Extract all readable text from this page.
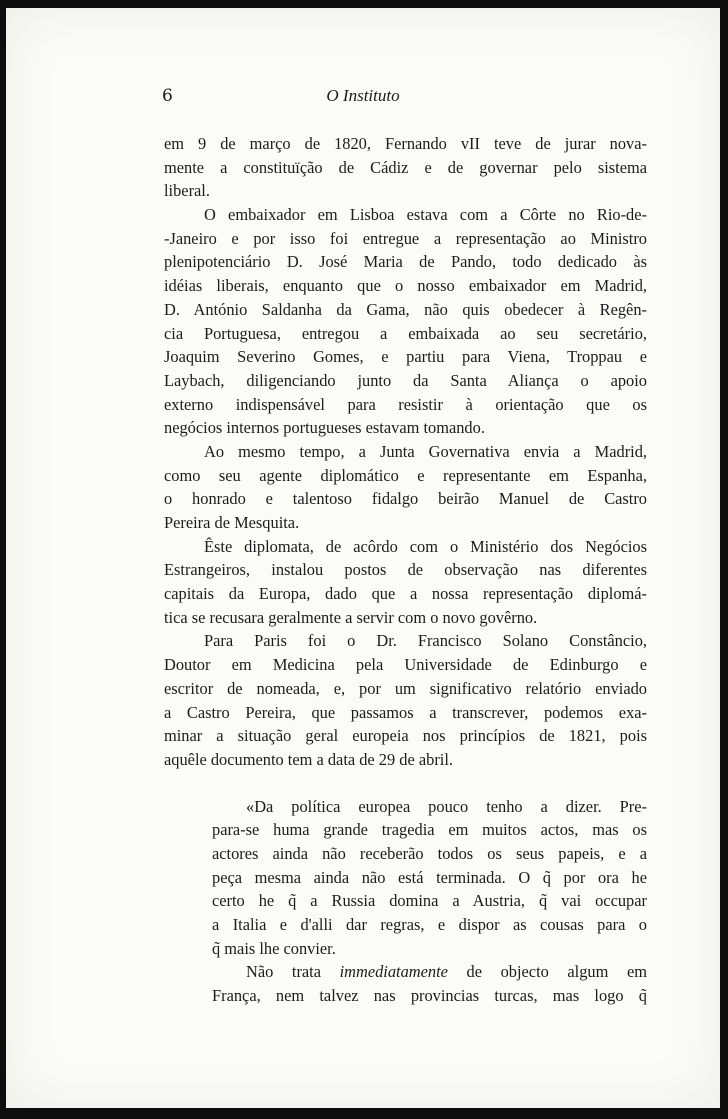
6	O Instituto
em 9 de março de 1820, Fernando vII teve de jurar nova-
mente a constituïção de Cádiz e de governar pelo sistema
liberal.
O embaixador em Lisboa estava com a Côrte no Rio-de-
-Janeiro e por isso foi entregue a representação ao Ministro
plenipotenciário D. José Maria de Pando, todo dedicado às
idéias liberais, enquanto que o nosso embaixador em Madrid,
D. António Saldanha da Gama, não quis obedecer à Regên-
cia Portuguesa, entregou a embaixada ao seu secretário,
Joaquim Severino Gomes, e partiu para Viena, Troppau e
Laybach, diligenciando junto da Santa Aliança o apoio
externo indispensável para resistir à orientação que os
negócios internos portugueses estavam tomando.
Ao mesmo tempo, a Junta Governativa envia a Madrid,
como seu agente diplomático e representante em Espanha,
o honrado e talentoso fidalgo beirão Manuel de Castro
Pereira de Mesquita.
Êste diplomata, de acôrdo com o Ministério dos Negócios
Estrangeiros, instalou postos de observação nas diferentes
capitais da Europa, dado que a nossa representação diplomá-
tica se recusara geralmente a servir com o novo govêrno.
Para Paris foi o Dr. Francisco Solano Constâncio,
Doutor em Medicina pela Universidade de Edinburgo e
escritor de nomeada, e, por um significativo relatório enviado
a Castro Pereira, que passamos a transcrever, podemos exa-
minar a situação geral europeia nos princípios de 1821, pois
aquêle documento tem a data de 29 de abril.
«Da política europea pouco tenho a dizer. Pre-
para-se huma grande tragedia em muitos actos, mas os
actores ainda não receberão todos os seus papeis, e a
peça mesma ainda não está terminada. O q̃ por ora he
certo he q̃ a Russia domina a Austria, q̃ vai occupar
a Italia e d'alli dar regras, e dispor as cousas para o
q̃ mais lhe convier.
Não trata immediatamente de objecto algum em
França, nem talvez nas provincias turcas, mas logo q̃
